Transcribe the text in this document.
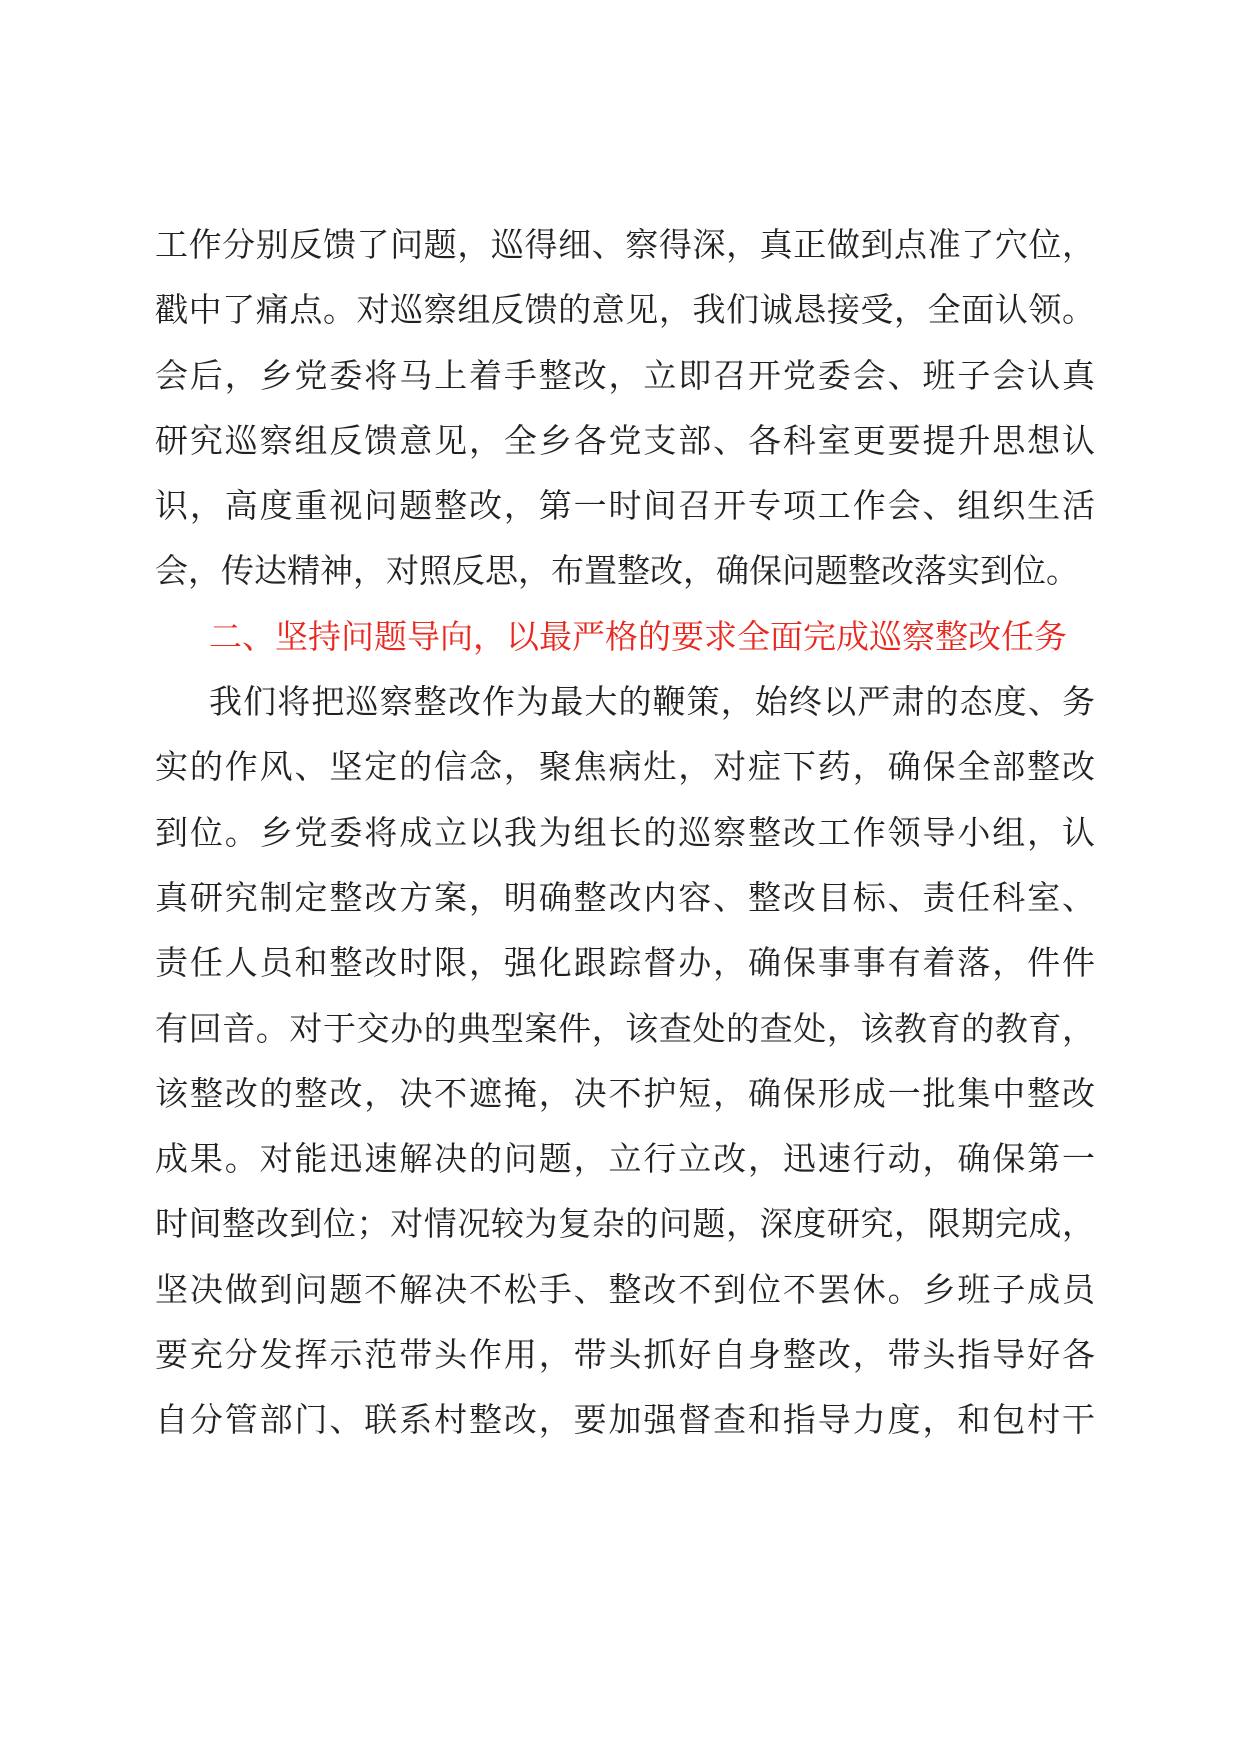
工作分别反馈了问题，巡得细、察得深，真正做到点准了穴位，
戳中了痛点。对巡察组反馈的意见，我们诚恳接受，全面认领。
会后，乡党委将马上着手整改，立即召开党委会、班子会认真
研究巡察组反馈意见，全乡各党支部、各科室更要提升思想认
识，高度重视问题整改，第一时间召开专项工作会、组织生活
会，传达精神，对照反思，布置整改，确保问题整改落实到位。
二、坚持问题导向，以最严格的要求全面完成巡察整改任务
我们将把巡察整改作为最大的鞭策，始终以严肃的态度、务
实的作风、坚定的信念，聚焦病灶，对症下药，确保全部整改
到位。乡党委将成立以我为组长的巡察整改工作领导小组，认
真研究制定整改方案，明确整改内容、整改目标、责任科室、
责任人员和整改时限，强化跟踪督办，确保事事有着落，件件
有回音。对于交办的典型案件，该查处的查处，该教育的教育，
该整改的整改，决不遮掩，决不护短，确保形成一批集中整改
成果。对能迅速解决的问题，立行立改，迅速行动，确保第一
时间整改到位；对情况较为复杂的问题，深度研究，限期完成，
坚决做到问题不解决不松手、整改不到位不罢休。乡班子成员
要充分发挥示范带头作用，带头抓好自身整改，带头指导好各
自分管部门、联系村整改，要加强督查和指导力度，和包村干
